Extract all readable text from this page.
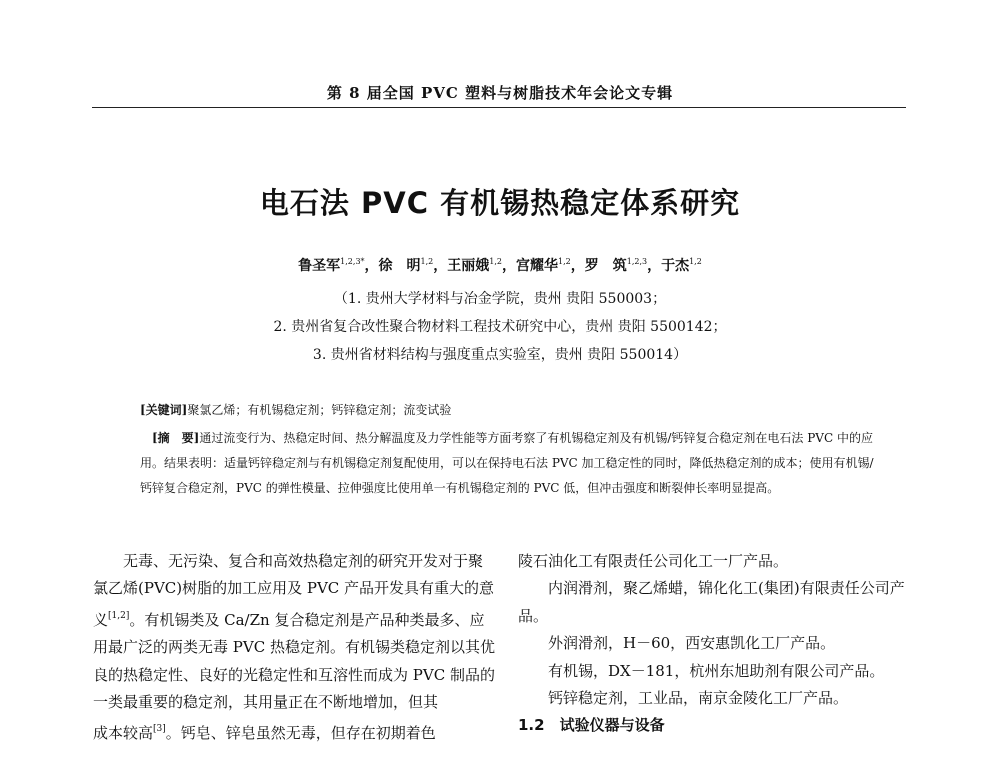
第 8 届全国 PVC 塑料与树脂技术年会论文专辑
电石法 PVC 有机锡热稳定体系研究
鲁圣军$^{1,2,3*}$，徐　明$^{1,2}$，王丽娥$^{1,2}$，宫耀华$^{1,2}$，罗　筑$^{1,2,3}$，于杰$^{1,2}$
（1. 贵州大学材料与冶金学院，贵州 贵阳 550003；
2. 贵州省复合改性聚合物材料工程技术研究中心，贵州 贵阳 5500142；
3. 贵州省材料结构与强度重点实验室，贵州 贵阳 550014）
[关键词]聚氯乙烯；有机锡稳定剂；钙锌稳定剂；流变试验
[摘　要]通过流变行为、热稳定时间、热分解温度及力学性能等方面考察了有机锡稳定剂及有机锡/钙锌复合稳定剂在电石法 PVC 中的应用。结果表明：适量钙锌稳定剂与有机锡稳定剂复配使用，可以在保持电石法 PVC 加工稳定性的同时，降低热稳定剂的成本；使用有机锡/钙锌复合稳定剂，PVC 的弹性模量、拉伸强度比使用单一有机锡稳定剂的 PVC 低，但冲击强度和断裂伸长率明显提高。

无毒、无污染、复合和高效热稳定剂的研究开发对于聚氯乙烯(PVC)树脂的加工应用及 PVC 产品开发具有重大的意义[1,2]。有机锡类及 Ca/Zn 复合稳定剂是产品种类最多、应用最广泛的两类无毒 PVC 热稳定剂。有机锡类稳定剂以其优良的热稳定性、良好的光稳定性和互溶性而成为 PVC 制品的一类最重要的稳定剂，其用量正在不断地增加，但其

成本较高[3]。钙皂、锌皂虽然无毒，但存在初期着色

陵石油化工有限责任公司化工一厂产品。

内润滑剂，聚乙烯蜡，锦化化工(集团)有限责任公司产品。

外润滑剂，H－60，西安惠凯化工厂产品。

有机锡，DX－181，杭州东旭助剂有限公司产品。

钙锌稳定剂，工业品，南京金陵化工厂产品。

1.2　试验仪器与设备
